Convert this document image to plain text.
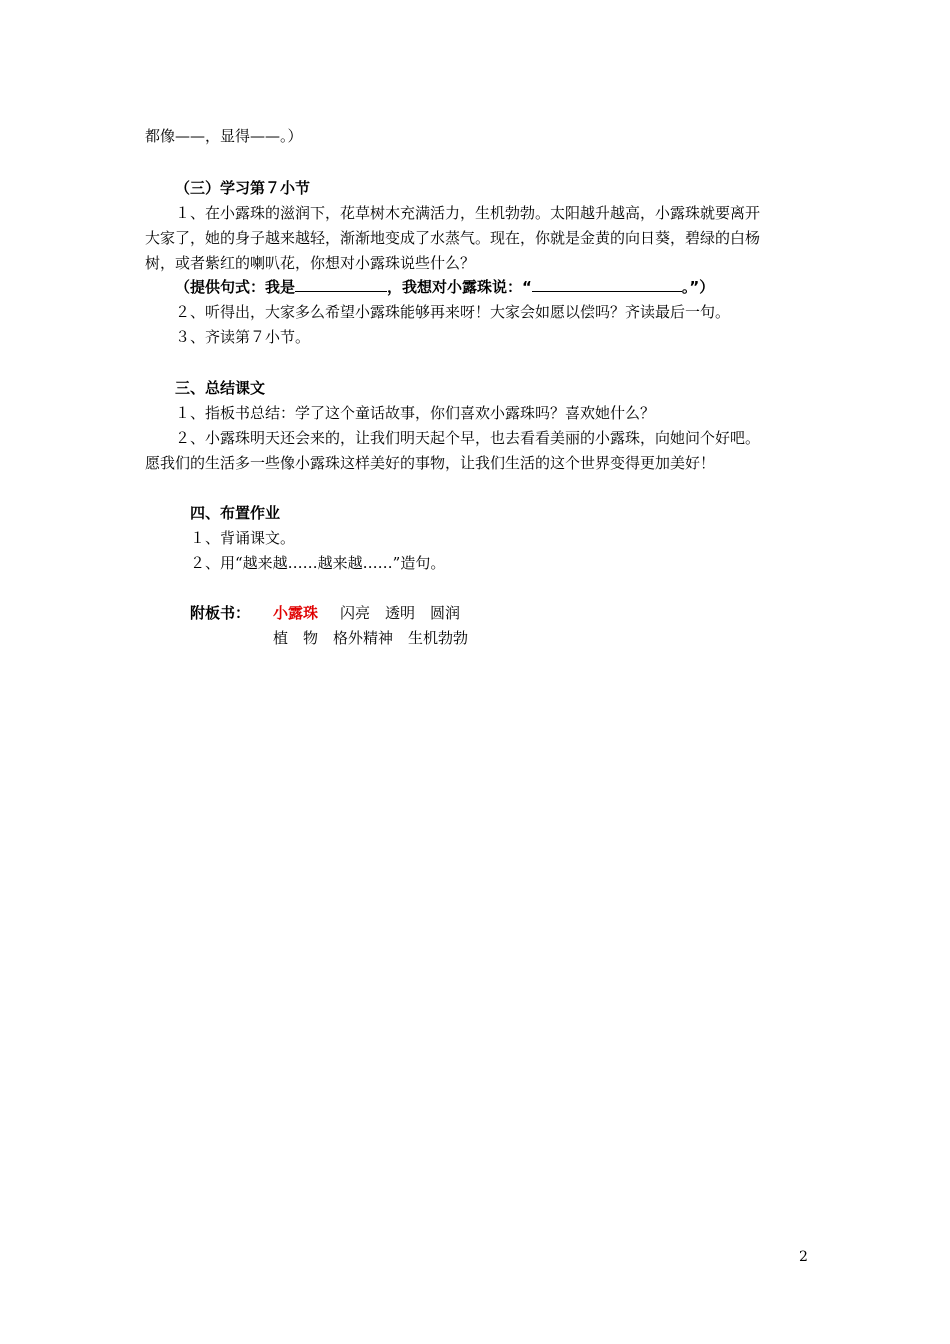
都像——，显得——。）
（三）学习第７小节
１、在小露珠的滋润下，花草树木充满活力，生机勃勃。太阳越升越高，小露珠就要离开
大家了，她的身子越来越轻，渐渐地变成了水蒸气。现在，你就是金黄的向日葵，碧绿的白杨
树，或者紫红的喇叭花，你想对小露珠说些什么？
（提供句式：我是	，我想对小露珠说：“	。”）
２、听得出，大家多么希望小露珠能够再来呀！大家会如愿以偿吗？齐读最后一句。
３、齐读第７小节。
三、总结课文
１、指板书总结：学了这个童话故事，你们喜欢小露珠吗？喜欢她什么？
２、小露珠明天还会来的，让我们明天起个早，也去看看美丽的小露珠，向她问个好吧。
愿我们的生活多一些像小露珠这样美好的事物，让我们生活的这个世界变得更加美好！
四、布置作业
１、背诵课文。
２、用“越来越……越来越……”造句。
附板书： 小露珠 闪亮　透明　圆润
植　物　格外精神　生机勃勃
2
